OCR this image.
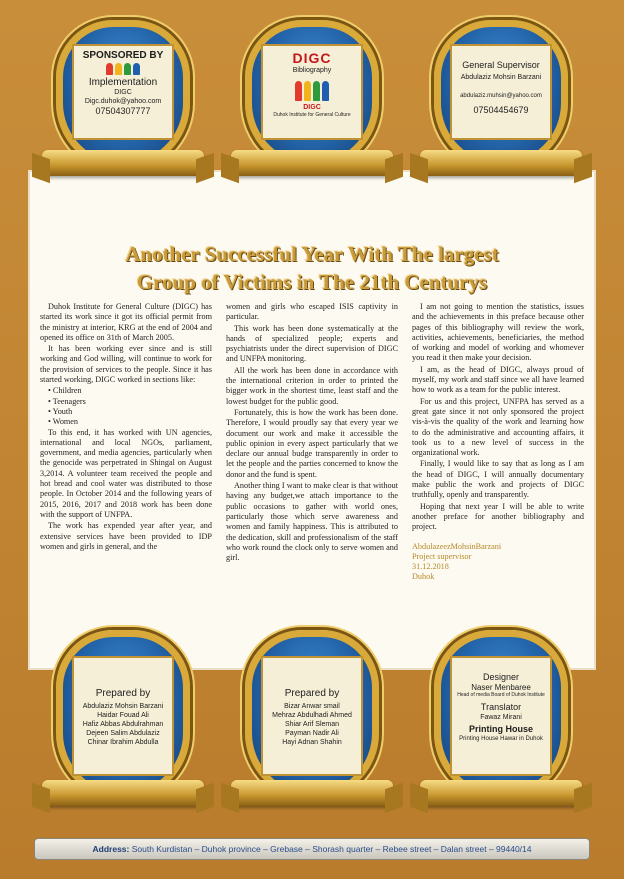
SPONSORED BY
Implementation
DIGC
Digc.duhok@yahoo.com
07504307777
DIGC
Bibliography
DIGC
Duhok Institute for General Culture
General Supervisor
Abdulaziz Mohsin Barzani
abdulaziz.muhsin@yahoo.com
07504454679
Another Successful Year With The largest
Group of Victims in The 21th Centurys

Duhok Institute for General Culture (DIGC) has started its work since it got its official permit from the ministry at interior, KRG at the end of 2004 and opened its office on 31th of March 2005.

It has been working ever since and is still working and God willing, will continue to work for the provision of services to the people. Since it has started working, DIGC worked in sections like:

• Children
• Teenagers
• Youth
• Women

To this end, it has worked with UN agencies, international and local NGOs, parliament, government, and media agencies, particularly when the genocide was perpetrated in Shingal on August 3,2014. A volunteer team received the people and hot bread and cool water was distributed to those people. In October 2014 and the following years of 2015, 2016, 2017 and 2018 work has been done with the support of UNFPA.

The work has expended year after year, and extensive services have been provided to IDP women and girls in general, and the

women and girls who escaped ISIS captivity in particular.

This work has been done systematically at the hands of specialized people; experts and psychiatrists under the direct supervision of DIGC and UNFPA monitoring.

All the work has been done in accordance with the international criterion in order to printed the bigger work in the shortest time, least staff and the lowest budget for the public good.

Fortunately, this is how the work has been done. Therefore, I would proudly say that every year we document our work and make it accessible the public opinion in every aspect particularly that we declare our annual budge transparently in order to let the people and the parties concerned to know the donor and the fund is spent.

Another thing I want to make clear is that without having any budget,we attach importance to the public occasions to gather with world ones, particularly those which serve awareness and women and family happiness. This is attributed to the dedication, skill and professionalism of the staff who work round the clock only to serve women and girl.

I am not going to mention the statistics, issues and the achievements in this preface because other pages of this bibliography will review the work, activities, achievements, beneficiaries, the method of working and model of working and whomever you read it then make your decision.

I am, as the head of DIGC, always proud of myself, my work and staff since we all have learned how to work as a team for the public interest.

For us and this project, UNFPA has served as a great gate since it not only sponsored the project vis-à-vis the quality of the work and learning how to do the administrative and accounting affairs, it took us to a new level of success in the organizational work.

Finally, I would like to say that as long as I am the head of DIGC, I will annually documentary make public the work and projects of DIGC truthfully, openly and transparently.

Hoping that next year I will be able to write another preface for another bibliography and project.

AbdulazeezMohsinBarzani
Project supervisor
31.12.2018
Duhok
Prepared by
Abdulaziz Mohsin Barzani
Haidar Fouad Ali
Hafiz Abbas Abdulrahman
Dejeen Salim Abdulaziz
Chinar Ibrahim Abdulla
Prepared by
Bizar Anwar smail
Mehraz Abdulhadi Ahmed
Shiar Arif Sleman
Payman Nadir Ali
Hayi Adnan Shahin
Designer
Naser Menbaree
Head of media Board of Duhok Institute
Translator
Fawaz Mirani
Printing House
Printing House Hawar in Duhok
Address: South Kurdistan – Duhok province – Grebase – Shorash quarter – Rebee street – Dalan street – 99440/14
